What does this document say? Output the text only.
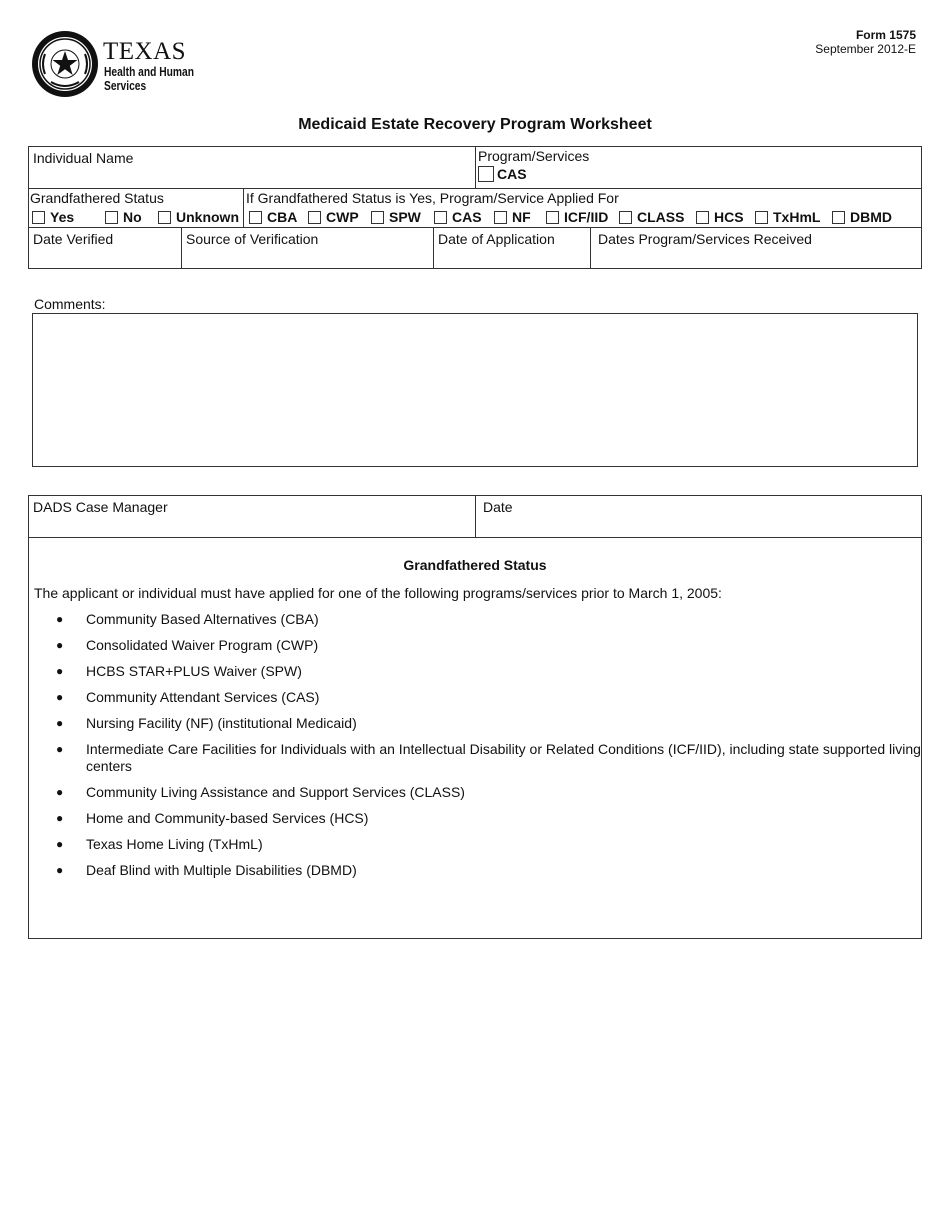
TEXAS
Health and Human
Services
Form 1575
September 2012-E
Medicaid Estate Recovery Program Worksheet
Individual Name	Program/Services
CAS
Grandfathered Status	If Grandfathered Status is Yes, Program/Service Applied For
Yes	No	Unknown	CBA	CWP	SPW	CAS	NF	ICF/IID	CLASS	HCS	TxHmL	DBMD
Date Verified	Source of Verification	Date of Application	Dates Program/Services Received
Comments:
DADS Case Manager	Date
Grandfathered Status
The applicant or individual must have applied for one of the following programs/services prior to March 1, 2005:
● Community Based Alternatives (CBA)
● Consolidated Waiver Program (CWP)
● HCBS STAR+PLUS Waiver (SPW)
● Community Attendant Services (CAS)
● Nursing Facility (NF) (institutional Medicaid)
● Intermediate Care Facilities for Individuals with an Intellectual Disability or Related Conditions (ICF/IID), including state supported living centers
● Community Living Assistance and Support Services (CLASS)
● Home and Community-based Services (HCS)
● Texas Home Living (TxHmL)
● Deaf Blind with Multiple Disabilities (DBMD)
